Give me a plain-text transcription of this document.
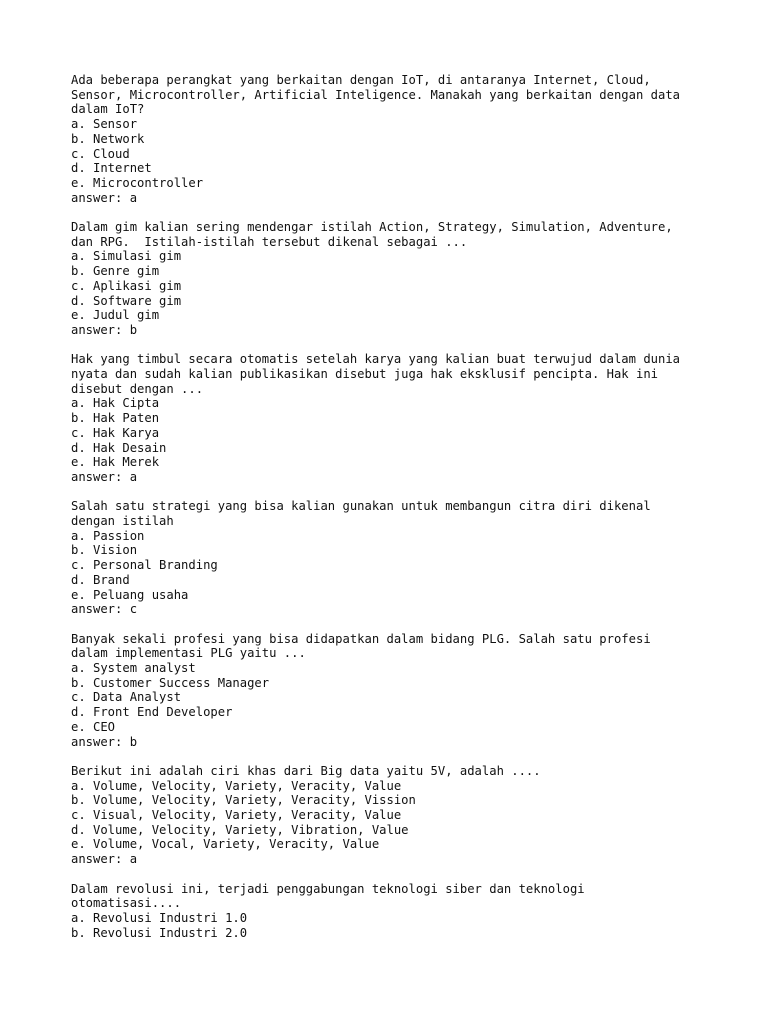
Ada beberapa perangkat yang berkaitan dengan IoT, di antaranya Internet, Cloud,
Sensor, Microcontroller, Artificial Inteligence. Manakah yang berkaitan dengan data
dalam IoT?

a. Sensor

b. Network

c. Cloud

d. Internet

e. Microcontroller

answer: a

Dalam gim kalian sering mendengar istilah Action, Strategy, Simulation, Adventure,
dan RPG.  Istilah-istilah tersebut dikenal sebagai ...

a. Simulasi gim

b. Genre gim

c. Aplikasi gim

d. Software gim

e. Judul gim

answer: b

Hak yang timbul secara otomatis setelah karya yang kalian buat terwujud dalam dunia
nyata dan sudah kalian publikasikan disebut juga hak eksklusif pencipta. Hak ini
disebut dengan ...

a. Hak Cipta

b. Hak Paten

c. Hak Karya

d. Hak Desain

e. Hak Merek

answer: a

Salah satu strategi yang bisa kalian gunakan untuk membangun citra diri dikenal
dengan istilah

a. Passion

b. Vision

c. Personal Branding

d. Brand

e. Peluang usaha

answer: c

Banyak sekali profesi yang bisa didapatkan dalam bidang PLG. Salah satu profesi
dalam implementasi PLG yaitu ...

a. System analyst

b. Customer Success Manager

c. Data Analyst

d. Front End Developer

e. CEO

answer: b

Berikut ini adalah ciri khas dari Big data yaitu 5V, adalah ....

a. Volume, Velocity, Variety, Veracity, Value

b. Volume, Velocity, Variety, Veracity, Vission

c. Visual, Velocity, Variety, Veracity, Value

d. Volume, Velocity, Variety, Vibration, Value

e. Volume, Vocal, Variety, Veracity, Value

answer: a

Dalam revolusi ini, terjadi penggabungan teknologi siber dan teknologi
otomatisasi....

a. Revolusi Industri 1.0

b. Revolusi Industri 2.0
